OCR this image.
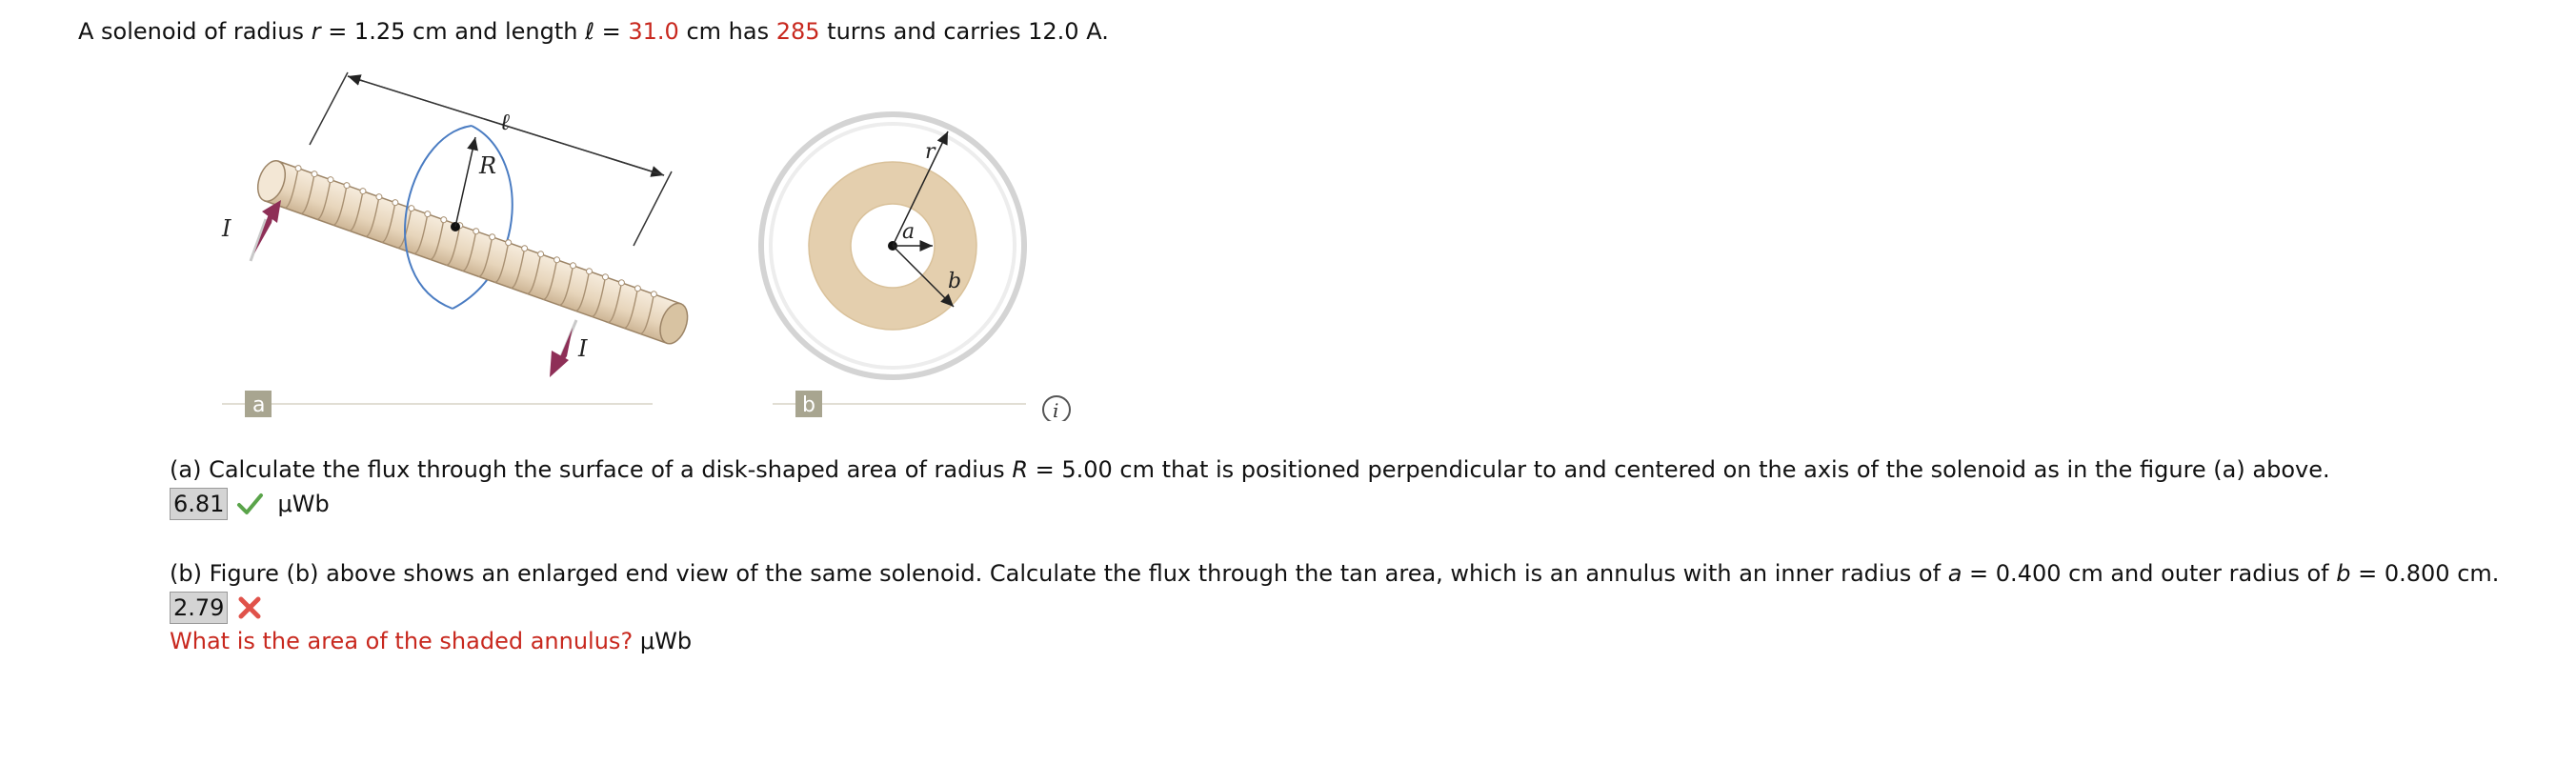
A solenoid of radius r = 1.25 cm and length ℓ = 31.0 cm has 285 turns and carries 12.0 A.
ℓ
R
I
I
a
a
b
r
b	i
(a) Calculate the flux through the surface of a disk-shaped area of radius R = 5.00 cm that is positioned perpendicular to and centered on the axis of the solenoid as in the figure (a) above.
6.81 μWb
(b) Figure (b) above shows an enlarged end view of the same solenoid. Calculate the flux through the tan area, which is an annulus with an inner radius of a = 0.400 cm and outer radius of b = 0.800 cm.
2.79
What is the area of the shaded annulus? μWb
